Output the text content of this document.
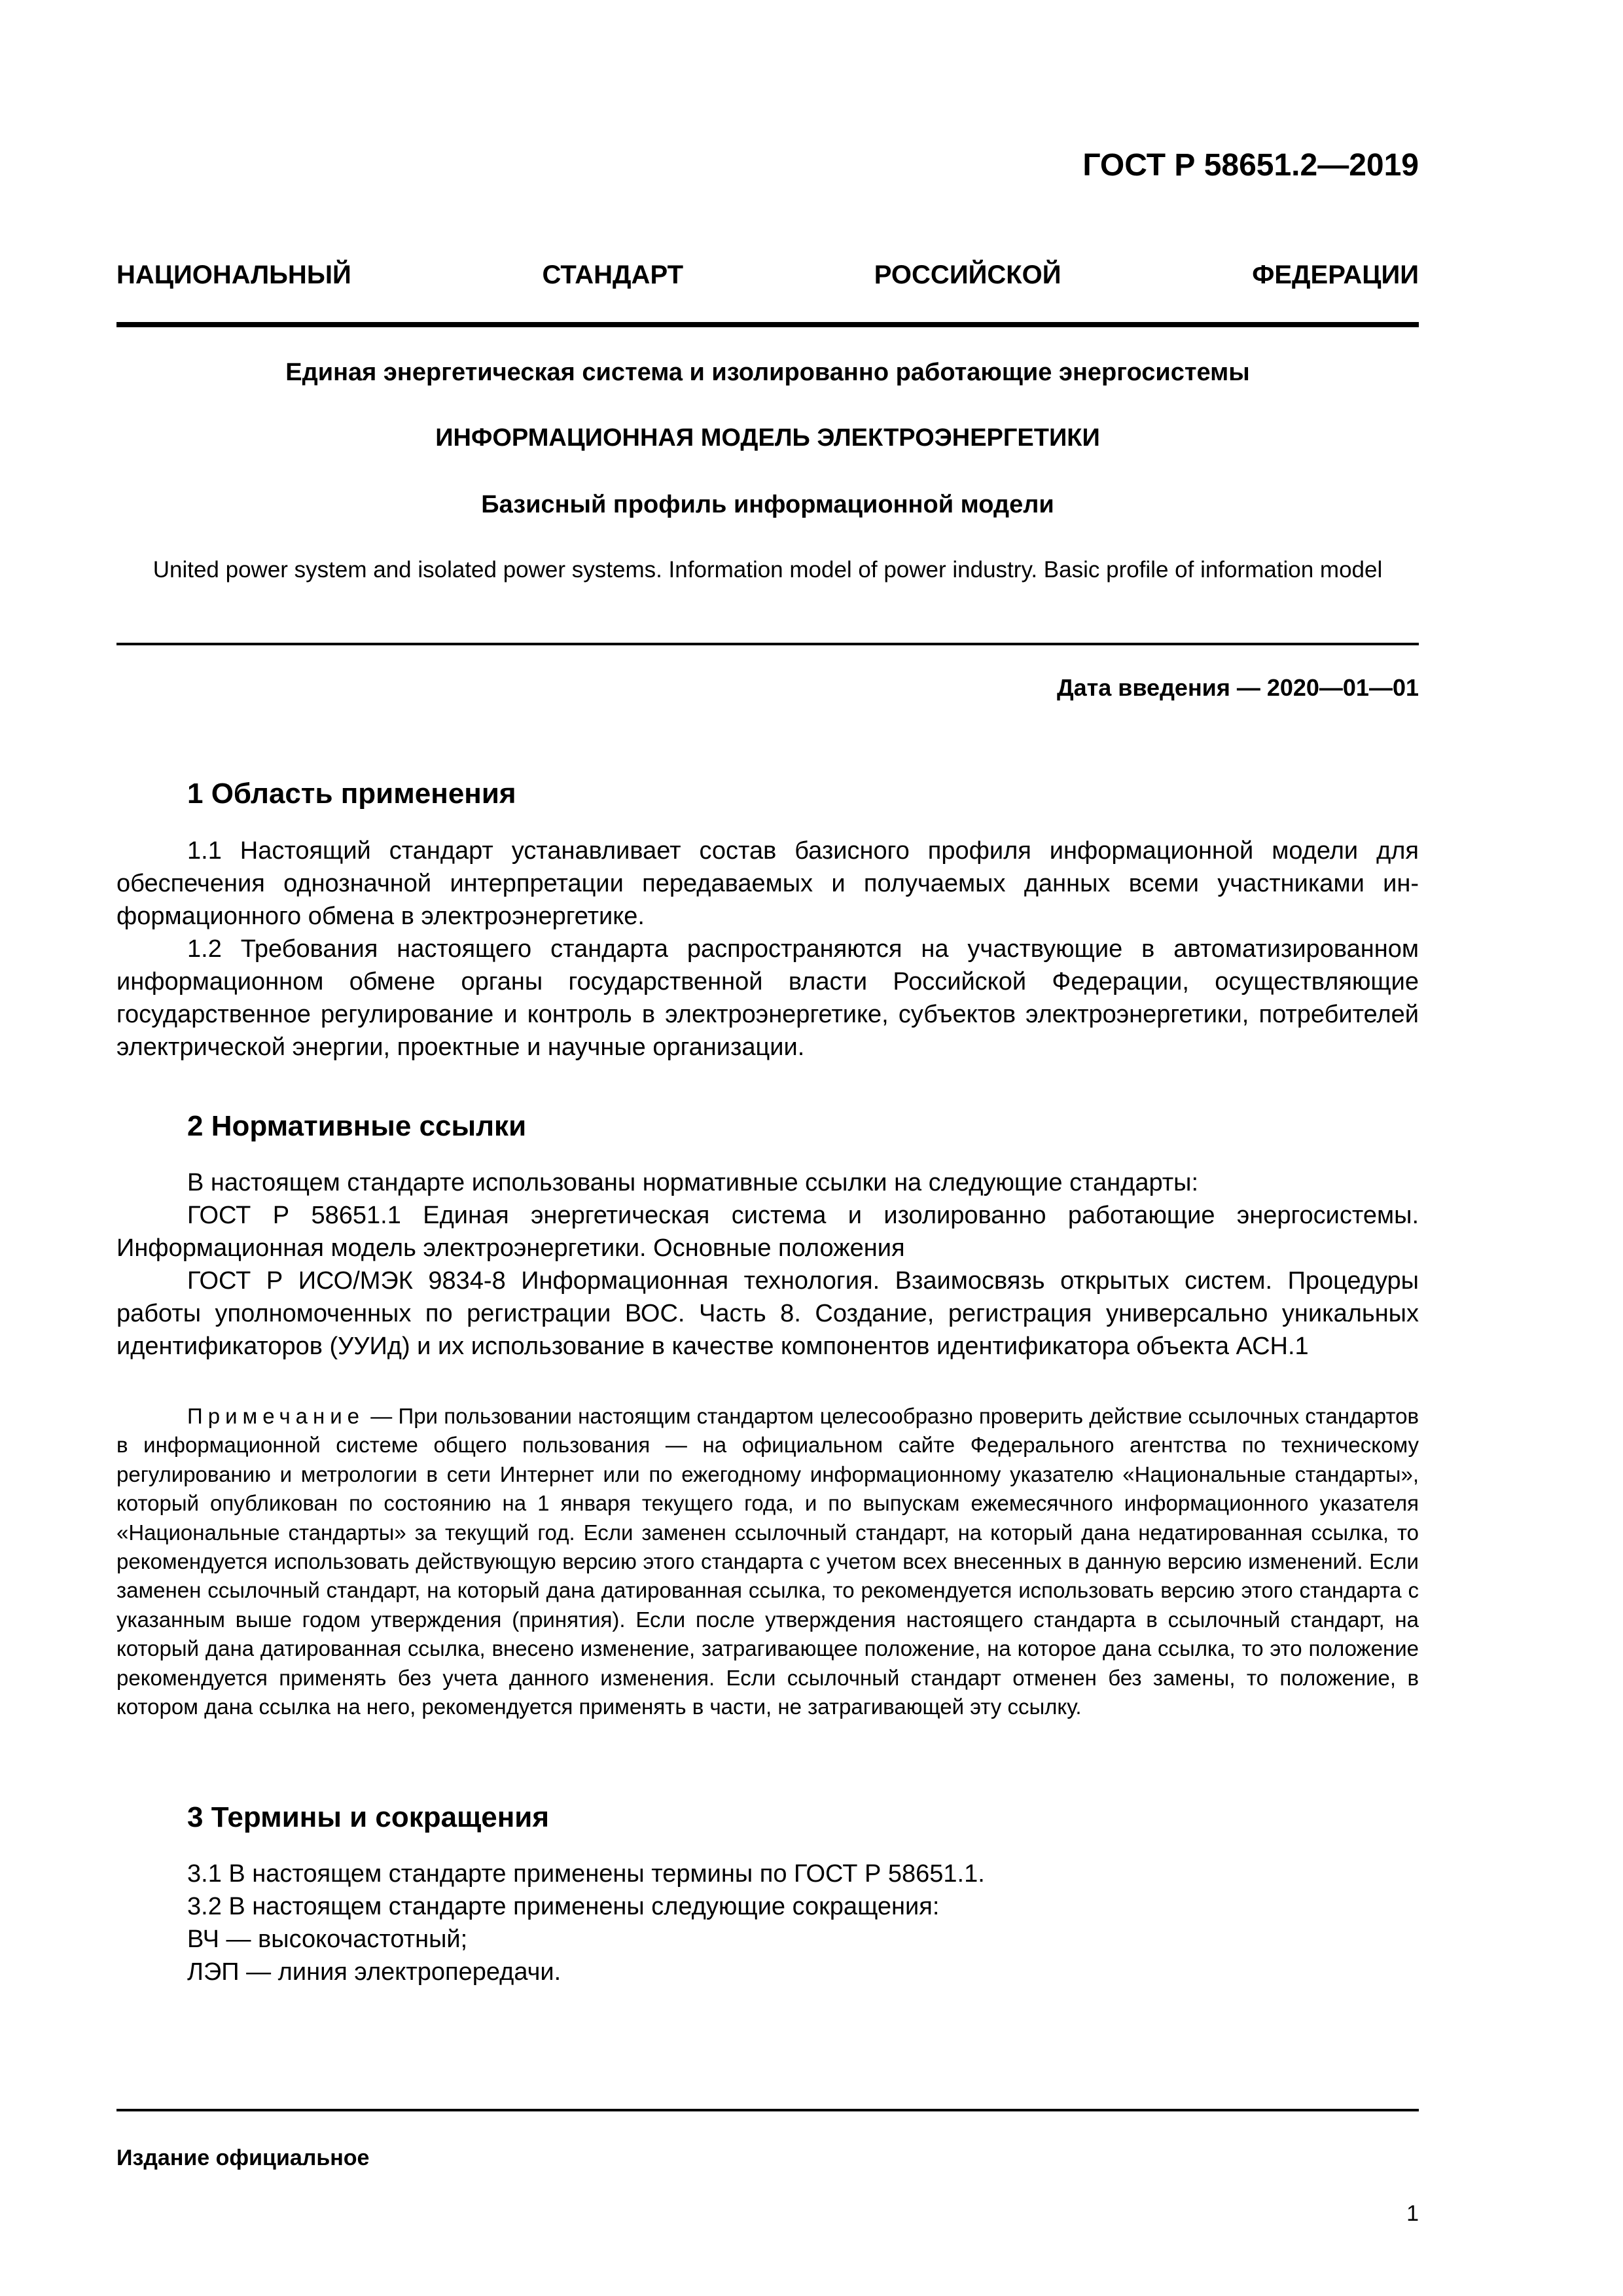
ГОСТ Р 58651.2—2019
НАЦИОНАЛЬНЫЙ СТАНДАРТ РОССИЙСКОЙ ФЕДЕРАЦИИ
Единая энергетическая система и изолированно работающие энергосистемы
ИНФОРМАЦИОННАЯ МОДЕЛЬ ЭЛЕКТРОЭНЕРГЕТИКИ
Базисный профиль информационной модели
United power system and isolated power systems. Information model of power industry. Basic profile of information model
Дата введения — 2020—01—01
1 Область применения

1.1 Настоящий стандарт устанавливает состав базисного профиля информационной модели для обеспечения однозначной интерпретации передаваемых и получаемых данных всеми участниками информационного обмена в электроэнергетике.

1.2 Требования настоящего стандарта распространяются на участвующие в автоматизированном информационном обмене органы государственной власти Российской Федерации, осуществляющие государственное регулирование и контроль в электроэнергетике, субъектов электроэнергетики, потребителей электрической энергии, проектные и научные организации.

2 Нормативные ссылки

В настоящем стандарте использованы нормативные ссылки на следующие стандарты:

ГОСТ Р 58651.1 Единая энергетическая система и изолированно работающие энергосистемы. Информационная модель электроэнергетики. Основные положения

ГОСТ Р ИСО/МЭК 9834-8 Информационная технология. Взаимосвязь открытых систем. Процедуры работы уполномоченных по регистрации ВОС. Часть 8. Создание, регистрация универсально уникальных идентификаторов (УУИд) и их использование в качестве компонентов идентификатора объекта АСН.1

Примечание — При пользовании настоящим стандартом целесообразно проверить действие ссылочных стандартов в информационной системе общего пользования — на официальном сайте Федерального агентства по техническому регулированию и метрологии в сети Интернет или по ежегодному информационному указателю «Национальные стандарты», который опубликован по состоянию на 1 января текущего года, и по выпускам ежемесячного информационного указателя «Национальные стандарты» за текущий год. Если заменен ссылочный стандарт, на который дана недатированная ссылка, то рекомендуется использовать действующую версию этого стандарта с учетом всех внесенных в данную версию изменений. Если заменен ссылочный стандарт, на который дана датированная ссылка, то рекомендуется использовать версию этого стандарта с указанным выше годом утверждения (принятия). Если после утверждения настоящего стандарта в ссылочный стандарт, на который дана датированная ссылка, внесено изменение, затрагивающее положение, на которое дана ссылка, то это положение рекомендуется применять без учета данного изменения. Если ссылочный стандарт отменен без замены, то положение, в котором дана ссылка на него, рекомендуется применять в части, не затрагивающей эту ссылку.

3 Термины и сокращения
3.1 В настоящем стандарте применены термины по ГОСТ Р 58651.1.
3.2 В настоящем стандарте применены следующие сокращения:
ВЧ — высокочастотный;
ЛЭП — линия электропередачи.
Издание официальное
1
